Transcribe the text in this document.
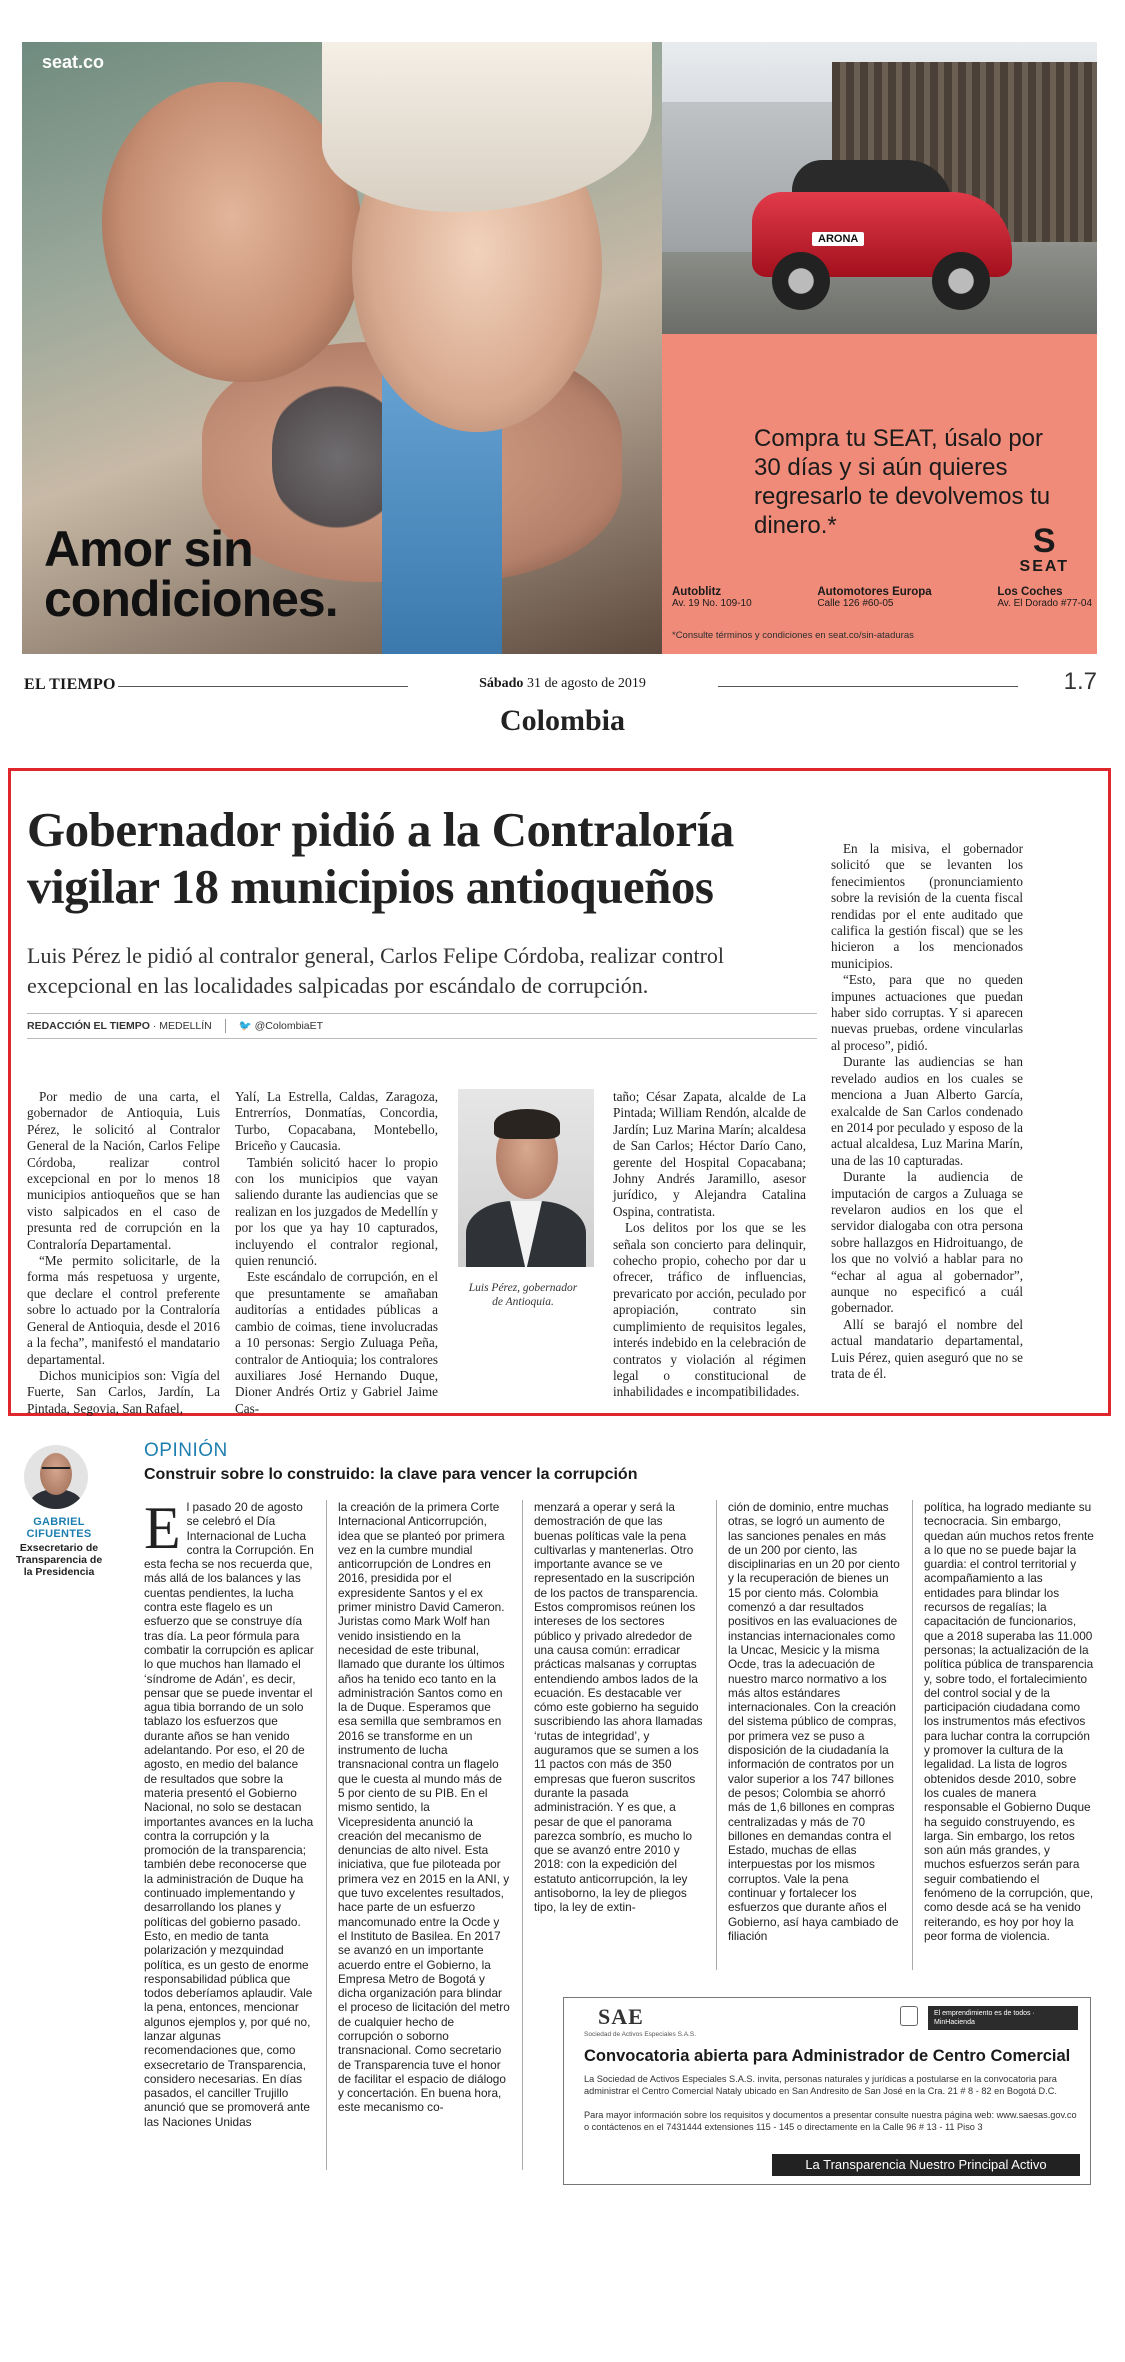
seat.co
Amor sin
condiciones.
ARONA
Compra tu SEAT, úsalo por 30 días y si aún quieres regresarlo te devolvemos tu dinero.*	S
SEAT
Autoblitz
Av. 19 No. 109-10
Automotores Europa
Calle 126 #60-05
Los Coches
Av. El Dorado #77-04
*Consulte términos y condiciones en seat.co/sin-ataduras
EL TIEMPO	Sábado 31 de agosto de 2019	1.7
Colombia
Gobernador pidió a la Contraloría vigilar 18 municipios antioqueños

Luis Pérez le pidió al contralor general, Carlos Felipe Córdoba, realizar control excepcional en las localidades salpicadas por escándalo de corrupción.

REDACCIÓN EL TIEMPO · MEDELLÍN	🐦 @ColombiaET

Por medio de una carta, el gobernador de Antioquia, Luis Pérez, le solicitó al Contralor General de la Nación, Carlos Felipe Córdoba, realizar control excepcional en por lo menos 18 municipios antioqueños que se han visto salpicados en el caso de presunta red de corrupción en la Contraloría Departamental.

“Me permito solicitarle, de la forma más respetuosa y urgente, que declare el control preferente sobre lo actuado por la Contraloría General de Antioquia, desde el 2016 a la fecha”, manifestó el mandatario departamental.

Dichos municipios son: Vigía del Fuerte, San Carlos, Jardín, La Pintada, Segovia, San Rafael,

Yalí, La Estrella, Caldas, Zaragoza, Entrerríos, Donmatías, Concordia, Turbo, Copacabana, Montebello, Briceño y Caucasia.

También solicitó hacer lo propio con los municipios que vayan saliendo durante las audiencias que se realizan en los juzgados de Medellín y por los que ya hay 10 capturados, incluyendo el contralor regional, quien renunció.

Este escándalo de corrupción, en el que presuntamente se amañaban auditorías a entidades públicas a cambio de coimas, tiene involucradas a 10 personas: Sergio Zuluaga Peña, contralor de Antioquia; los contralores auxiliares José Hernando Duque, Dioner Andrés Ortiz y Gabriel Jaime Cas-

Luis Pérez, gobernador de Antioquia.

taño; César Zapata, alcalde de La Pintada; William Rendón, alcalde de Jardín; Luz Marina Marín; alcaldesa de San Carlos; Héctor Darío Cano, gerente del Hospital Copacabana; Johny Andrés Jaramillo, asesor jurídico, y Alejandra Catalina Ospina, contratista.

Los delitos por los que se les señala son concierto para delinquir, cohecho propio, cohecho por dar u ofrecer, tráfico de influencias, prevaricato por acción, peculado por apropiación, contrato sin cumplimiento de requisitos legales, interés indebido en la celebración de contratos y violación al régimen legal o constitucional de inhabilidades e incompatibilidades.

En la misiva, el gobernador solicitó que se levanten los fenecimientos (pronunciamiento sobre la revisión de la cuenta fiscal rendidas por el ente auditado que califica la gestión fiscal) que se les hicieron a los mencionados municipios.

“Esto, para que no queden impunes actuaciones que puedan haber sido corruptas. Y si aparecen nuevas pruebas, ordene vincularlas al proceso”, pidió.

Durante las audiencias se han revelado audios en los cuales se menciona a Juan Alberto García, exalcalde de San Carlos condenado en 2014 por peculado y esposo de la actual alcaldesa, Luz Marina Marín, una de las 10 capturadas.

Durante la audiencia de imputación de cargos a Zuluaga se revelaron audios en los que el servidor dialogaba con otra persona sobre hallazgos en Hidroituango, de los que no volvió a hablar para no “echar al agua al gobernador”, aunque no especificó a cuál gobernador.

Allí se barajó el nombre del actual mandatario departamental, Luis Pérez, quien aseguró que no se trata de él.

GABRIEL
CIFUENTES
Exsecretario de Transparencia de la Presidencia
OPINIÓN
Construir sobre lo construido: la clave para vencer la corrupción
E l pasado 20 de agosto se celebró el Día Internacional de Lucha contra la Corrupción. En esta fecha se nos recuerda que, más allá de los balances y las cuentas pendientes, la lucha contra este flagelo es un esfuerzo que se construye día tras día. La peor fórmula para combatir la corrupción es aplicar lo que muchos han llamado el ‘síndrome de Adán’, es decir, pensar que se puede inventar el agua tibia borrando de un solo tablazo los esfuerzos que durante años se han venido adelantando. Por eso, el 20 de agosto, en medio del balance de resultados que sobre la materia presentó el Gobierno Nacional, no solo se destacan importantes avances en la lucha contra la corrupción y la promoción de la transparencia; también debe reconocerse que la administración de Duque ha continuado implementando y desarrollando los planes y políticas del gobierno pasado. Esto, en medio de tanta polarización y mezquindad política, es un gesto de enorme responsabilidad pública que todos deberíamos aplaudir. Vale la pena, entonces, mencionar algunos ejemplos y, por qué no, lanzar algunas recomendaciones que, como exsecretario de Transparencia, considero necesarias. En días pasados, el canciller Trujillo anunció que se promoverá ante las Naciones Unidas

la creación de la primera Corte Internacional Anticorrupción, idea que se planteó por primera vez en la cumbre mundial anticorrupción de Londres en 2016, presidida por el expresidente Santos y el ex primer ministro David Cameron. Juristas como Mark Wolf han venido insistiendo en la necesidad de este tribunal, llamado que durante los últimos años ha tenido eco tanto en la administración Santos como en la de Duque. Esperamos que esa semilla que sembramos en 2016 se transforme en un instrumento de lucha transnacional contra un flagelo que le cuesta al mundo más de 5 por ciento de su PIB. En el mismo sentido, la Vicepresidenta anunció la creación del mecanismo de denuncias de alto nivel. Esta iniciativa, que fue piloteada por primera vez en 2015 en la ANI, y que tuvo excelentes resultados, hace parte de un esfuerzo mancomunado entre la Ocde y el Instituto de Basilea. En 2017 se avanzó en un importante acuerdo entre el Gobierno, la Empresa Metro de Bogotá y dicha organización para blindar el proceso de licitación del metro de cualquier hecho de corrupción o soborno transnacional. Como secretario de Transparencia tuve el honor de facilitar el espacio de diálogo y concertación. En buena hora, este mecanismo co-

menzará a operar y será la demostración de que las buenas políticas vale la pena cultivarlas y mantenerlas. Otro importante avance se ve representado en la suscripción de los pactos de transparencia. Estos compromisos reúnen los intereses de los sectores público y privado alrededor de una causa común: erradicar prácticas malsanas y corruptas entendiendo ambos lados de la ecuación. Es destacable ver cómo este gobierno ha seguido suscribiendo las ahora llamadas ‘rutas de integridad’, y auguramos que se sumen a los 11 pactos con más de 350 empresas que fueron suscritos durante la pasada administración. Y es que, a pesar de que el panorama parezca sombrío, es mucho lo que se avanzó entre 2010 y 2018: con la expedición del estatuto anticorrupción, la ley antisoborno, la ley de pliegos tipo, la ley de extin-

ción de dominio, entre muchas otras, se logró un aumento de las sanciones penales en más de un 200 por ciento, las disciplinarias en un 20 por ciento y la recuperación de bienes un 15 por ciento más. Colombia comenzó a dar resultados positivos en las evaluaciones de instancias internacionales como la Uncac, Mesicic y la misma Ocde, tras la adecuación de nuestro marco normativo a los más altos estándares internacionales. Con la creación del sistema público de compras, por primera vez se puso a disposición de la ciudadanía la información de contratos por un valor superior a los 747 billones de pesos; Colombia se ahorró más de 1,6 billones en compras centralizadas y más de 70 billones en demandas contra el Estado, muchas de ellas interpuestas por los mismos corruptos. Vale la pena continuar y fortalecer los esfuerzos que durante años el Gobierno, así haya cambiado de filiación

política, ha logrado mediante su tecnocracia. Sin embargo, quedan aún muchos retos frente a lo que no se puede bajar la guardia: el control territorial y acompañamiento a las entidades para blindar los recursos de regalías; la capacitación de funcionarios, que a 2018 superaba las 11.000 personas; la actualización de la política pública de transparencia y, sobre todo, el fortalecimiento del control social y de la participación ciudadana como los instrumentos más efectivos para luchar contra la corrupción y promover la cultura de la legalidad. La lista de logros obtenidos desde 2010, sobre los cuales de manera responsable el Gobierno Duque ha seguido construyendo, es larga. Sin embargo, los retos son aún más grandes, y muchos esfuerzos serán para seguir combatiendo el fenómeno de la corrupción, que, como desde acá se ha venido reiterando, es hoy por hoy la peor forma de violencia.

SAE
Sociedad de Activos Especiales S.A.S.
El emprendimiento es de todos · MinHacienda
Convocatoria abierta para Administrador de Centro Comercial
La Sociedad de Activos Especiales S.A.S. invita, personas naturales y jurídicas a postularse en la convocatoria para administrar el Centro Comercial Nataly ubicado en San Andresito de San José en la Cra. 21 # 8 - 82 en Bogotá D.C.
Para mayor información sobre los requisitos y documentos a presentar consulte nuestra página web: www.saesas.gov.co o contáctenos en el 7431444 extensiones 115 - 145 o directamente en la Calle 96 # 13 - 11 Piso 3
La Transparencia Nuestro Principal Activo
